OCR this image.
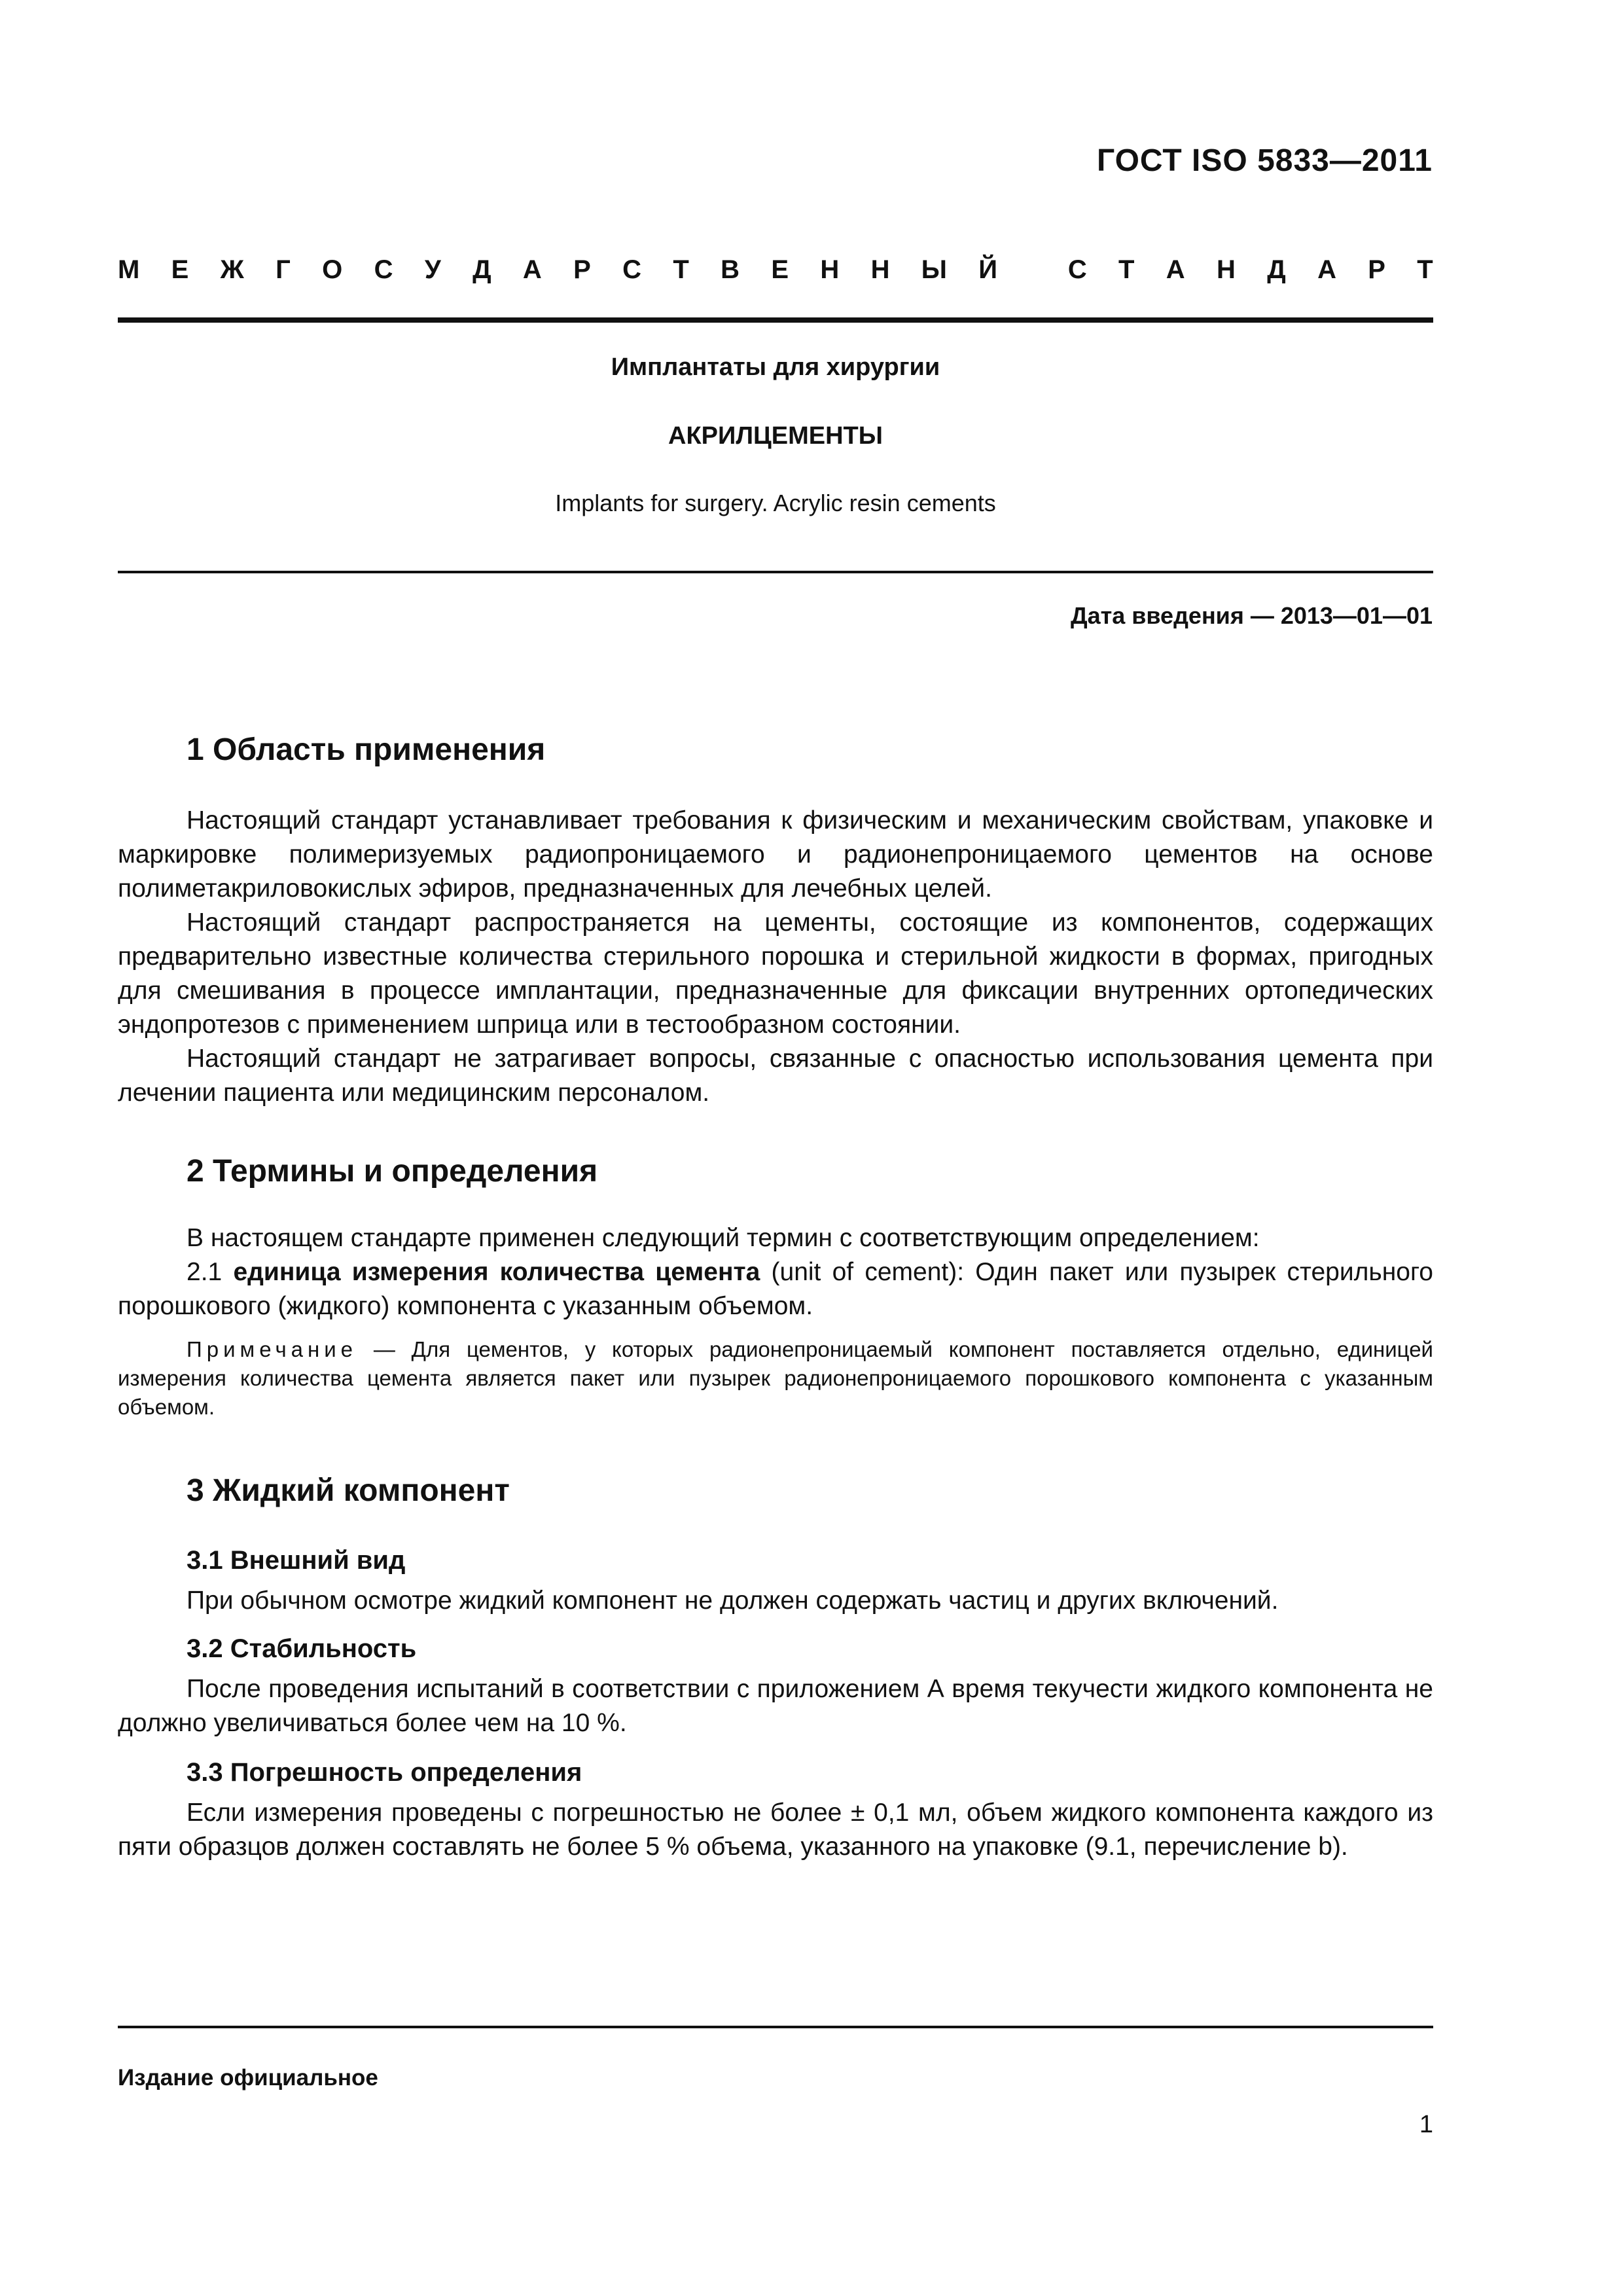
ГОСТ ISO 5833—2011
М Е Ж Г О С У Д А Р С Т В Е Н Н Ы Й
	С Т А Н Д А Р Т
Имплантаты для хирургии
АКРИЛЦЕМЕНТЫ
Implants for surgery. Acrylic resin cements
Дата введения — 2013—01—01
1 Область применения
Настоящий стандарт устанавливает требования к физическим и механическим свойствам, упаковке и маркировке полимеризуемых радиопроницаемого и радионепроницаемого цементов на основе полиметакриловокислых эфиров, предназначенных для лечебных целей.
Настоящий стандарт распространяется на цементы, состоящие из компонентов, содержащих предварительно известные количества стерильного порошка и стерильной жидкости в формах, пригодных для смешивания в процессе имплантации, предназначенные для фиксации внутренних ортопедических эндопротезов с применением шприца или в тестообразном состоянии.
Настоящий стандарт не затрагивает вопросы, связанные с опасностью использования цемента при лечении пациента или медицинским персоналом.
2 Термины и определения
В настоящем стандарте применен следующий термин с соответствующим определением:
2.1 единица измерения количества цемента (unit of cement): Один пакет или пузырек стерильного порошкового (жидкого) компонента с указанным объемом.
Примечание — Для цементов, у которых радионепроницаемый компонент поставляется отдельно, единицей измерения количества цемента является пакет или пузырек радионепроницаемого порошкового компонента с указанным объемом.
3 Жидкий компонент
3.1 Внешний вид
При обычном осмотре жидкий компонент не должен содержать частиц и других включений.
3.2 Стабильность
После проведения испытаний в соответствии с приложением А время текучести жидкого компонента не должно увеличиваться более чем на 10 %.
3.3 Погрешность определения
Если измерения проведены с погрешностью не более ± 0,1 мл, объем жидкого компонента каждого из пяти образцов должен составлять не более 5 % объема, указанного на упаковке (9.1, перечисление b).
Издание официальное
1
